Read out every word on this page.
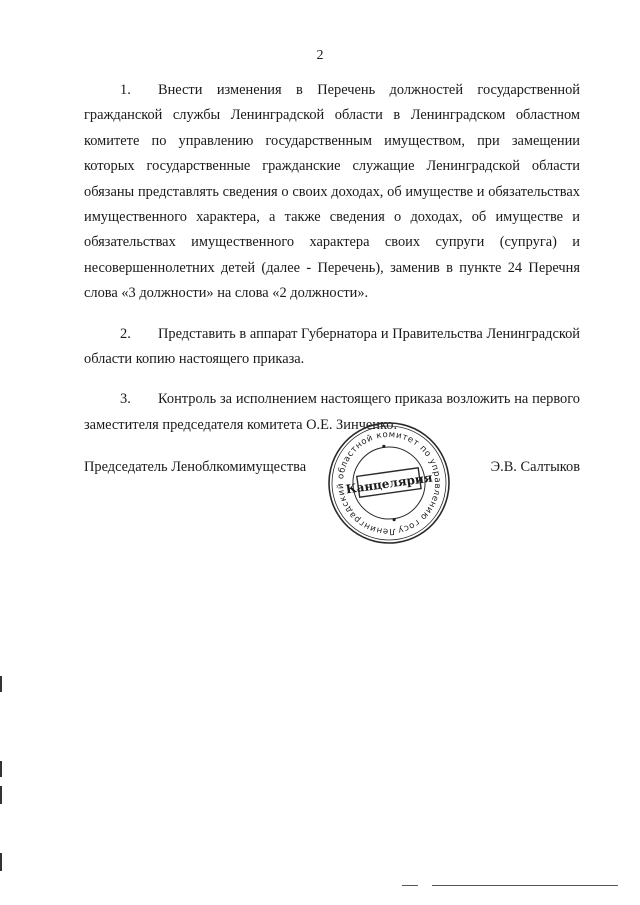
2

1. Внести изменения в Перечень должностей государственной гражданской службы Ленинградской области в Ленинградском областном комитете по управлению государственным имуществом, при замещении которых государственные гражданские служащие Ленинградской области обязаны представлять сведения о своих доходах, об имуществе и обязательствах имущественного характера, а также сведения о доходах, об имуществе и обязательствах имущественного характера своих супруги (супруга) и несовершеннолетних детей (далее - Перечень), заменив в пункте 24 Перечня слова «3 должности» на слова «2 должности».

2. Представить в аппарат Губернатора и Правительства Ленинградской области копию настоящего приказа.

3. Контроль за исполнением настоящего приказа возложить на первого заместителя председателя комитета О.Е. Зинченко.

Председатель Леноблкомимущества	Э.В. Салтыков
Ленинградский областной комитет по управлению государственным
Канцелярия
